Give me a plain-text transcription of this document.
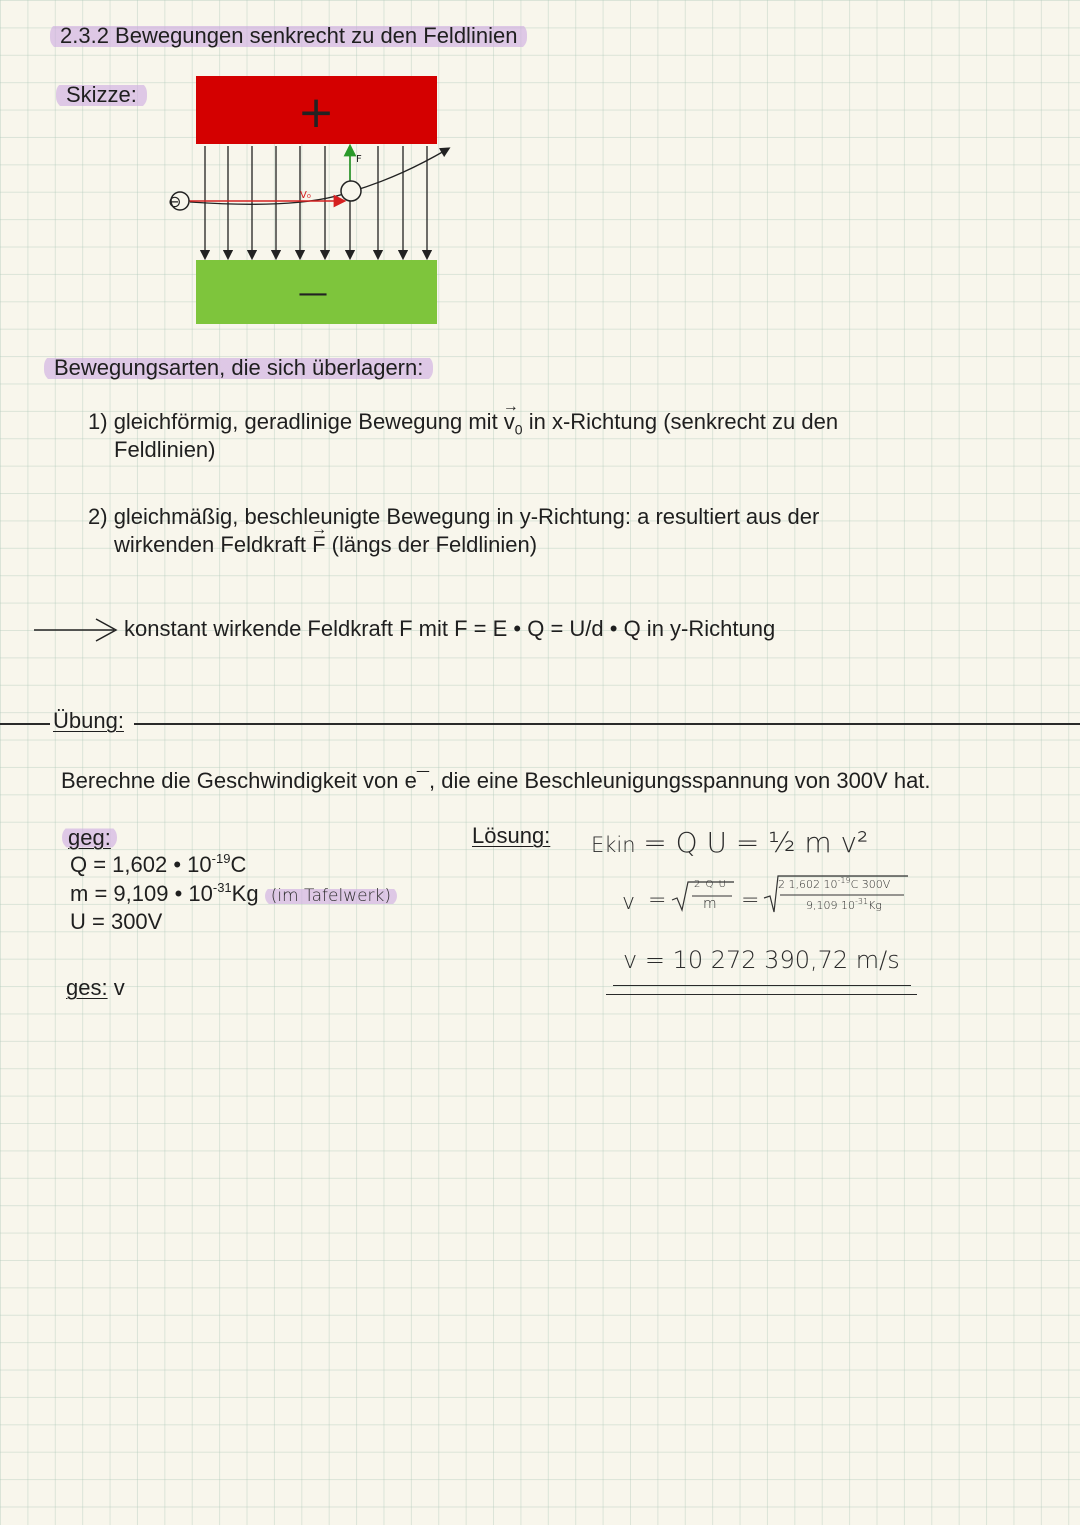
2.3.2 Bewegungen senkrecht zu den Feldlinien
Skizze:	+
—
⊖	V₀
F
Bewegungsarten, die sich überlagern:
1) gleichförmig, geradlinige Bewegung mit → $v_0$ in x-Richtung (senkrecht zu den
Feldlinien)
2) gleichmäßig, beschleunigte Bewegung in y-Richtung: a resultiert aus der
wirkenden Feldkraft → F (längs der Feldlinien)
konstant wirkende Feldkraft F mit F = E • Q = U/d • Q in y-Richtung
Übung:
Berechne die Geschwindigkeit von e¯, die eine Beschleunigungsspannung von 300V hat.
geg:
Q = 1,602 • $10^{-19}C$
m = 9,109 • $10^{-31}Kg$ (im Tafelwerk)
U = 300V
ges: v
Lösung: Ekin = Q U = ½ m v²
v =
2 Q U
m =
2 1,602 $10^{-19}C$ 300V
9,109 $10^{-31}Kg$
v = 10 272 390,72 m/s
